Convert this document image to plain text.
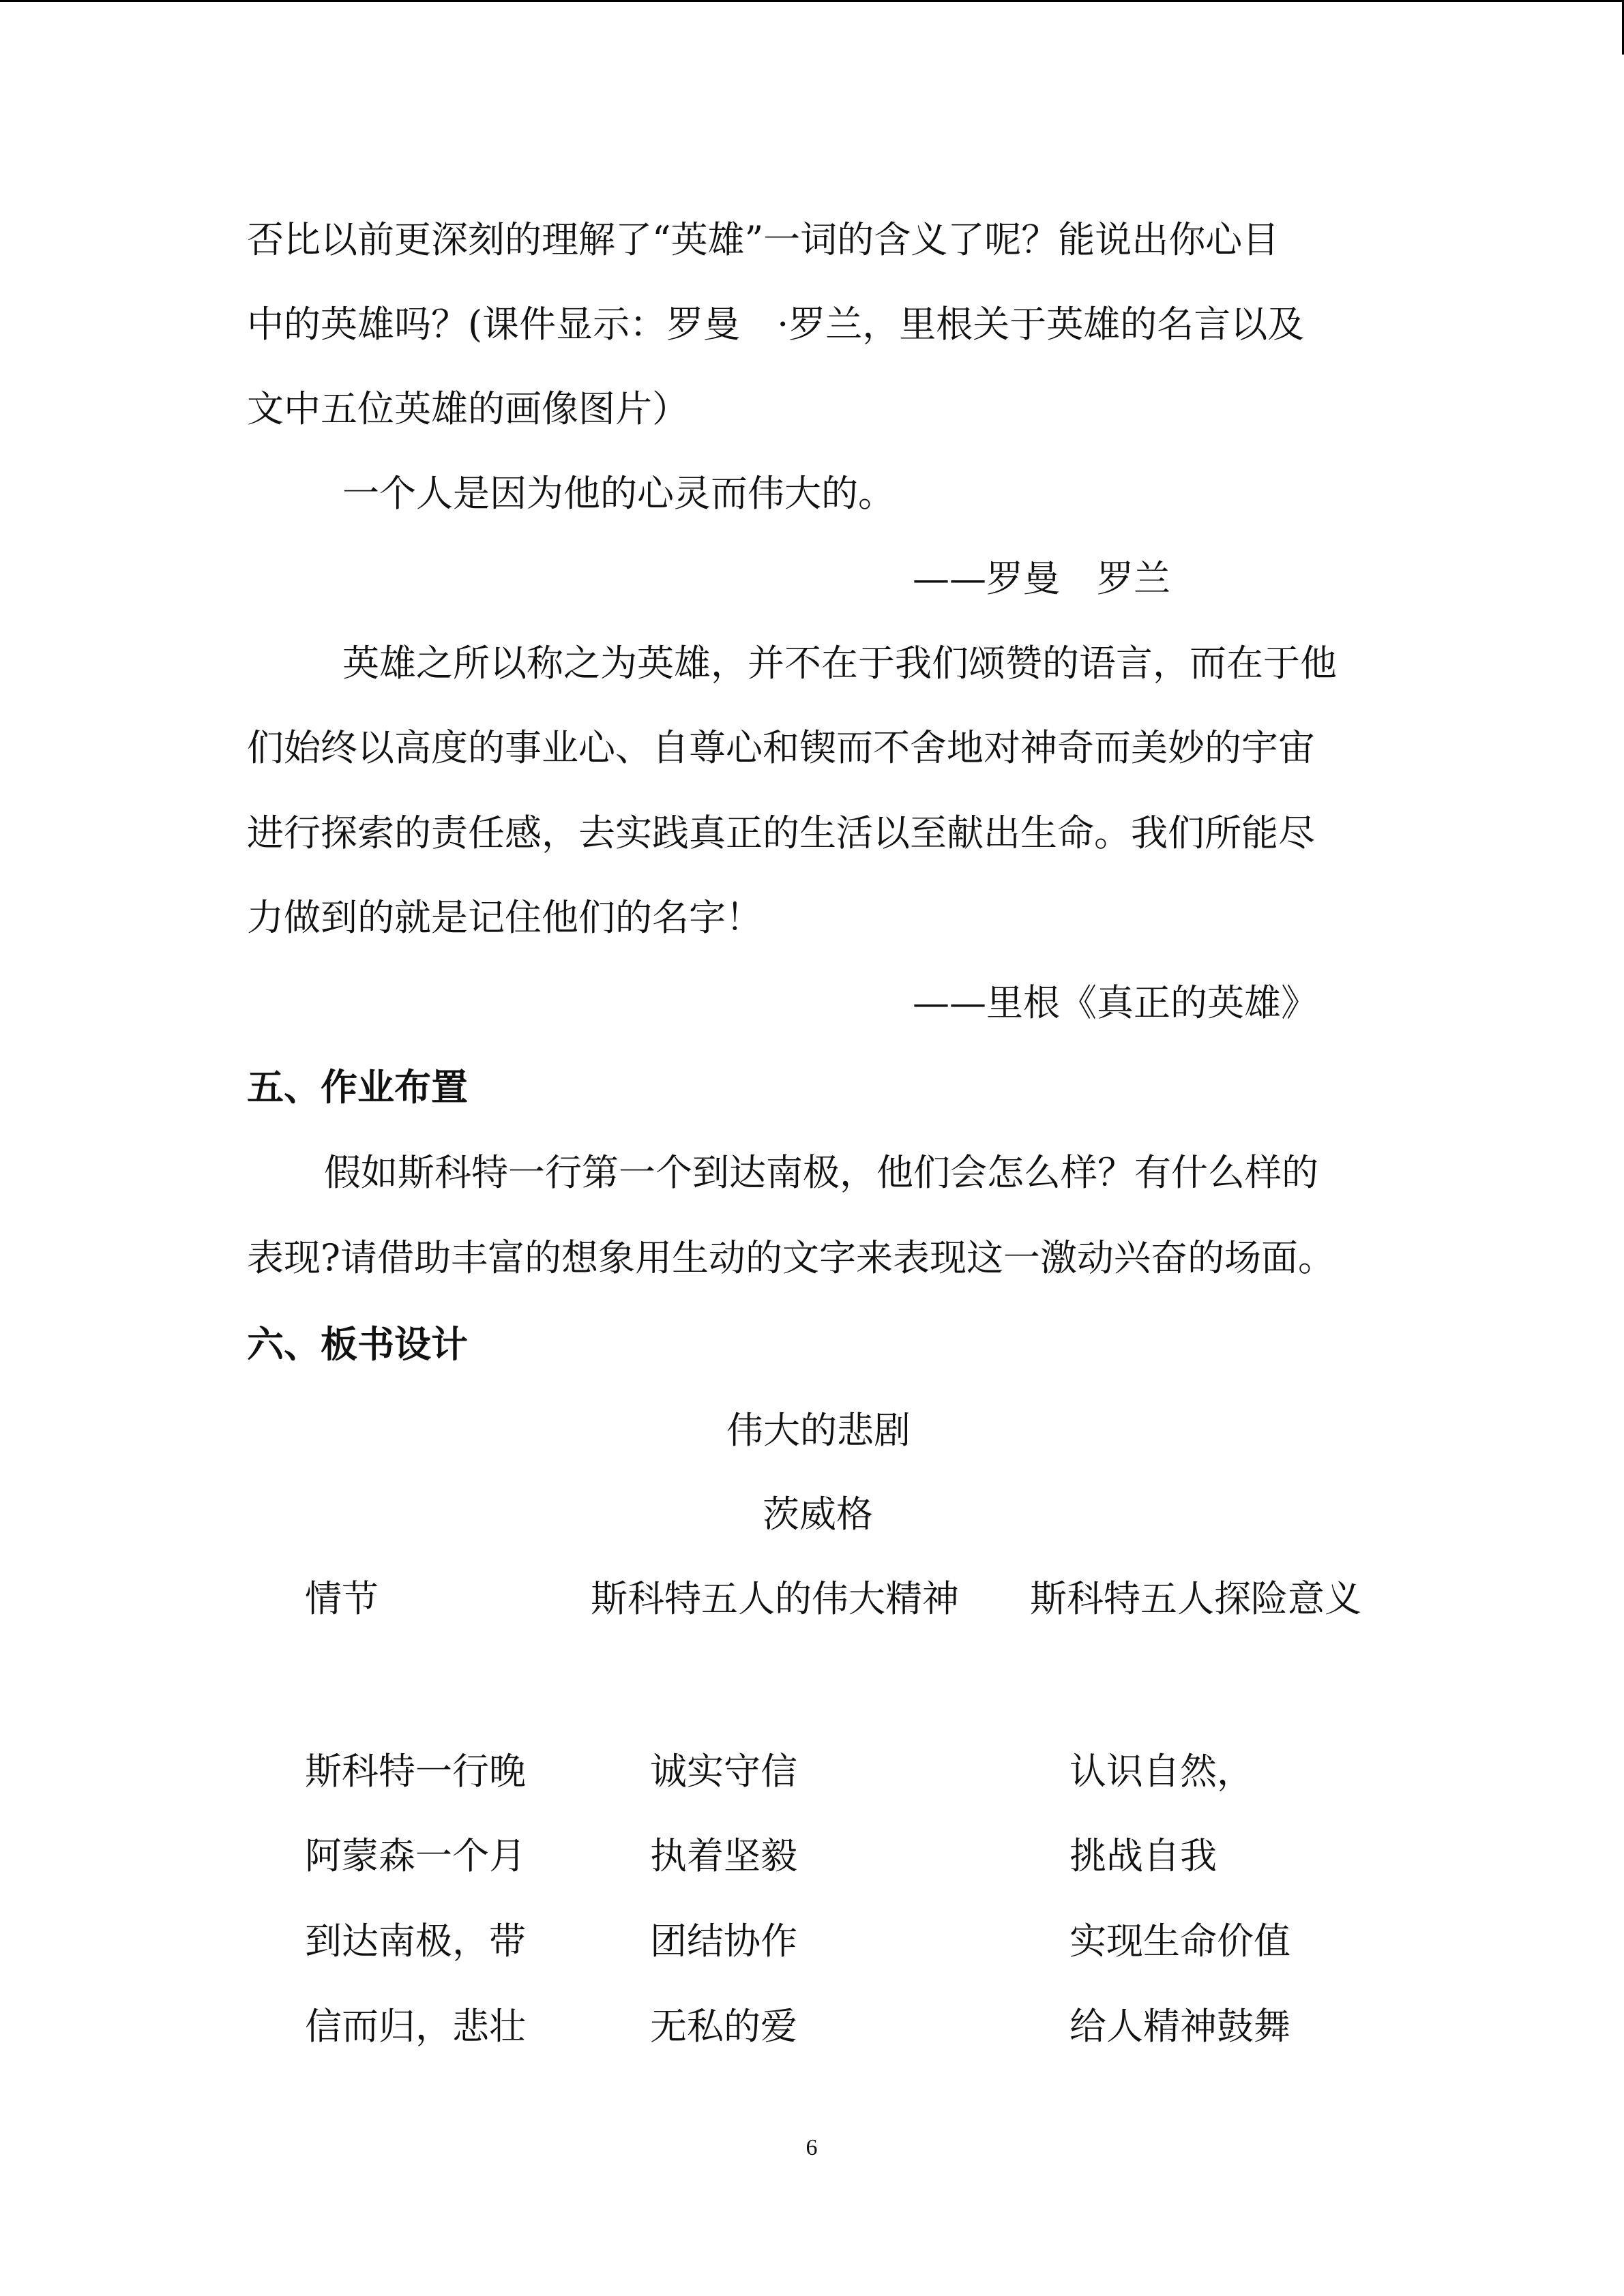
否比以前更深刻的理解了“英雄”一词的含义了呢？能说出你心目
中的英雄吗？(课件显示：罗曼　·罗兰，里根关于英雄的名言以及
文中五位英雄的画像图片）
一个人是因为他的心灵而伟大的。
——罗曼　罗兰
英雄之所以称之为英雄，并不在于我们颂赞的语言，而在于他
们始终以高度的事业心、自尊心和锲而不舍地对神奇而美妙的宇宙
进行探索的责任感，去实践真正的生活以至献出生命。我们所能尽
力做到的就是记住他们的名字！
——里根《真正的英雄》
五、作业布置
假如斯科特一行第一个到达南极，他们会怎么样？有什么样的
表现?请借助丰富的想象用生动的文字来表现这一激动兴奋的场面。
六、板书设计
伟大的悲剧
茨威格
情节	斯科特五人的伟大精神 斯科特五人探险意义
斯科特一行晚	诚实守信	认识自然，
阿蒙森一个月	执着坚毅	挑战自我
到达南极，带	团结协作	实现生命价值
信而归，悲壮	无私的爱	给人精神鼓舞
6
